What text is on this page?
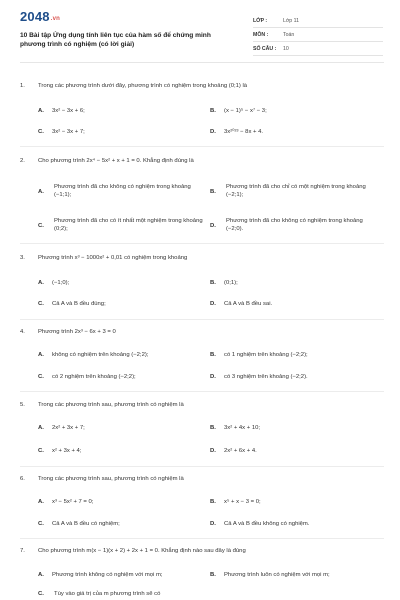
2048.vn
10 Bài tập Ứng dụng tính liên tục của hàm số để chứng minh phương trình có nghiệm (có lời giải)
LỚP :	Lớp 11
MÔN :	Toán
SỐ CÂU :	10
1. Trong các phương trình dưới đây, phương trình có nghiệm trong khoảng (0;1) là
A. 3x² − 3x + 6;	B. (x − 1)⁵ − x⁷ − 3;
C. 3x² − 3x + 7;	D. 3x²⁰²³ − 8x + 4.
2. Cho phương trình 2x⁴ − 5x² + x + 1 = 0. Khẳng định đúng là
A.
Phương trình đã cho không có nghiệm trong khoảng (−1;1);	B.
Phương trình đã cho chỉ có một nghiệm trong khoảng (−2;1);
C.
Phương trình đã cho có ít nhất một nghiệm trong khoảng (0;2);	D.
Phương trình đã cho không có nghiệm trong khoảng (−2;0).
3. Phương trình x³ − 1000x² + 0,01 có nghiệm trong khoảng
A. (−1;0);	B. (0;1);
C. Cả A và B đều đúng;	D. Cả A và B đều sai.
4. Phương trình 2x³ − 6x + 3 = 0
A. không có nghiệm trên khoảng (−2;2);	B. có 1 nghiệm trên khoảng (−2;2);
C. có 2 nghiệm trên khoảng (−2;2);	D. có 3 nghiệm trên khoảng (−2;2).
5. Trong các phương trình sau, phương trình có nghiệm là
A. 2x² + 3x + 7;	B. 3x² + 4x + 10;
C. x² + 3x + 4;	D. 2x² + 6x + 4.
6. Trong các phương trình sau, phương trình có nghiệm là
A. x³ − 5x² + 7 = 0;	B. x⁵ + x − 3 = 0;
C. Cả A và B đều có nghiệm;	D. Cả A và B đều không có nghiệm.
7. Cho phương trình m(x − 1)(x + 2) + 2x + 1 = 0. Khẳng định nào sau đây là đúng
A. Phương trình không có nghiệm với mọi m;	B. Phương trình luôn có nghiệm với mọi m;
C. Tùy vào giá trị của m phương trình sẽ có
